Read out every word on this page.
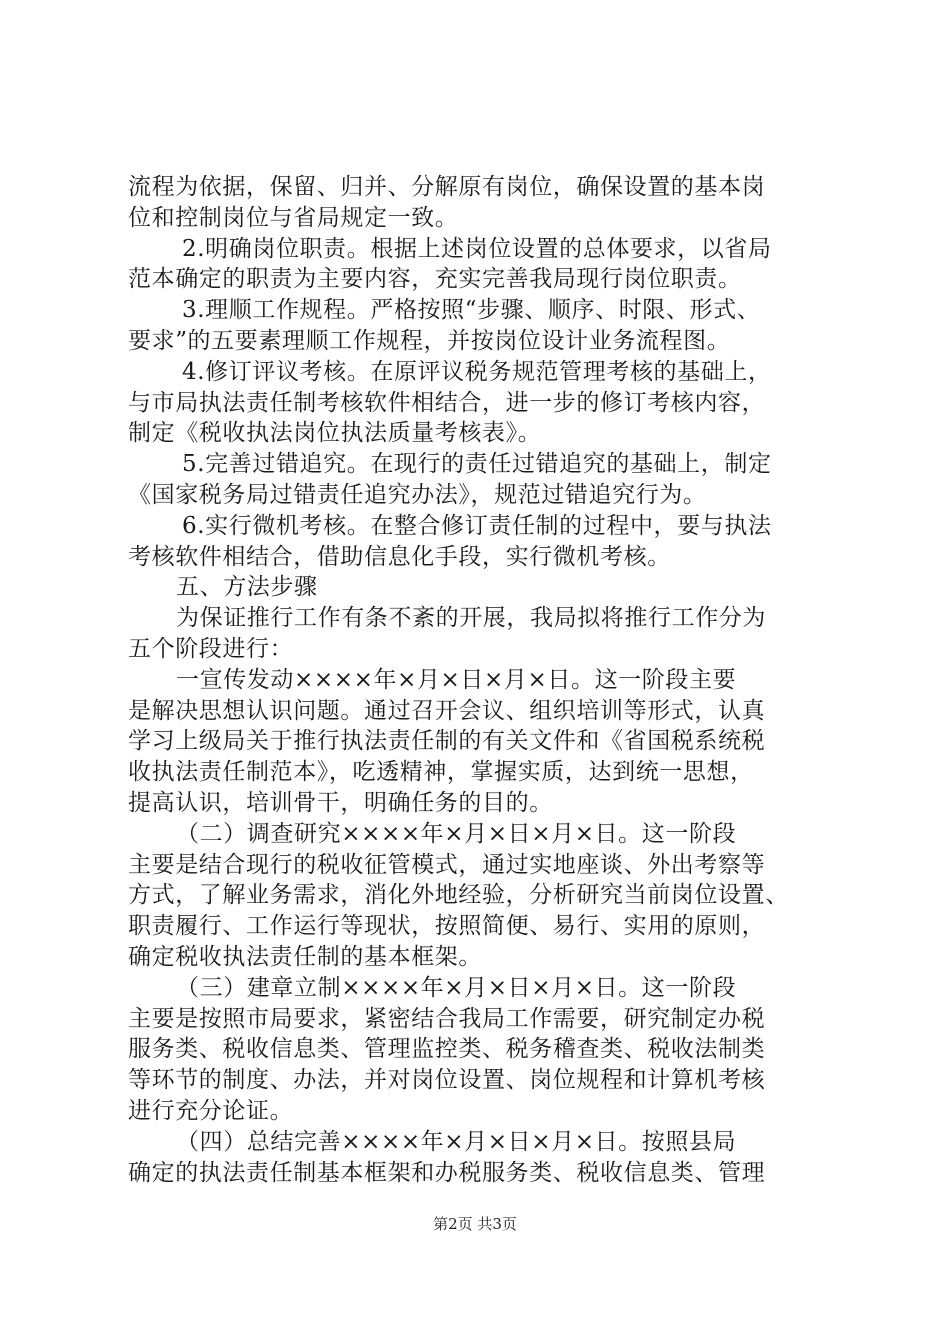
流程为依据，保留、归并、分解原有岗位，确保设置的基本岗
位和控制岗位与省局规定一致。
2.明确岗位职责。根据上述岗位设置的总体要求，以省局
范本确定的职责为主要内容，充实完善我局现行岗位职责。
3.理顺工作规程。严格按照“步骤、顺序、时限、形式、
要求”的五要素理顺工作规程，并按岗位设计业务流程图。
4.修订评议考核。在原评议税务规范管理考核的基础上，
与市局执法责任制考核软件相结合，进一步的修订考核内容，
制定《税收执法岗位执法质量考核表》。
5.完善过错追究。在现行的责任过错追究的基础上，制定
《国家税务局过错责任追究办法》，规范过错追究行为。
6.实行微机考核。在整合修订责任制的过程中，要与执法
考核软件相结合，借助信息化手段，实行微机考核。
五、方法步骤
为保证推行工作有条不紊的开展，我局拟将推行工作分为
五个阶段进行：
一宣传发动××××年×月×日×月×日。这一阶段主要
是解决思想认识问题。通过召开会议、组织培训等形式，认真
学习上级局关于推行执法责任制的有关文件和《省国税系统税
收执法责任制范本》，吃透精神，掌握实质，达到统一思想，
提高认识，培训骨干，明确任务的目的。
（二）调查研究××××年×月×日×月×日。这一阶段
主要是结合现行的税收征管模式，通过实地座谈、外出考察等
方式，了解业务需求，消化外地经验，分析研究当前岗位设置、
职责履行、工作运行等现状，按照简便、易行、实用的原则，
确定税收执法责任制的基本框架。
（三）建章立制××××年×月×日×月×日。这一阶段
主要是按照市局要求，紧密结合我局工作需要，研究制定办税
服务类、税收信息类、管理监控类、税务稽查类、税收法制类
等环节的制度、办法，并对岗位设置、岗位规程和计算机考核
进行充分论证。
（四）总结完善××××年×月×日×月×日。按照县局
确定的执法责任制基本框架和办税服务类、税收信息类、管理
第2页 共3页
